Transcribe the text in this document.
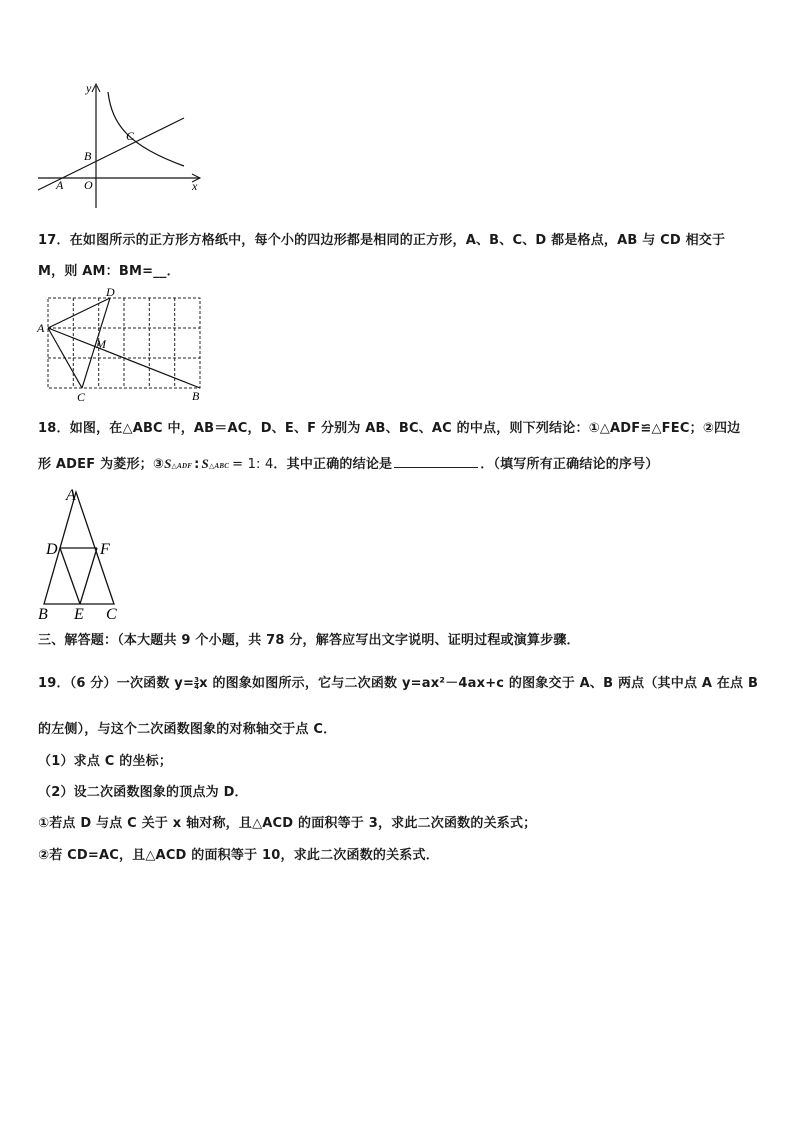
y
x
A O
B
C
17．在如图所示的正方形方格纸中，每个小的四边形都是相同的正方形，A、B、C、D 都是格点，AB 与 CD 相交于
M，则 AM：BM=__．
A
D
M
C	B
18．如图，在△ABC 中，AB＝AC，D、E、F 分别为 AB、BC、AC 的中点，则下列结论：①△ADF≌△FEC；②四边
形 ADEF 为菱形；③S△ADF : S△ABC = 1: 4．其中正确的结论是	．（填写所有正确结论的序号）
A
D	F
B E C
三、解答题：（本大题共 9 个小题，共 78 分，解答应写出文字说明、证明过程或演算步骤．
19．（6 分）一次函数 $y= \frac{3}{4}$ x 的图象如图所示，它与二次函数 y=ax²－4ax+c 的图象交于 A、B 两点（其中点 A 在点 B
的左侧），与这个二次函数图象的对称轴交于点 C．
（1）求点 C 的坐标；
（2）设二次函数图象的顶点为 D．
①若点 D 与点 C 关于 x 轴对称，且△ACD 的面积等于 3，求此二次函数的关系式；
②若 CD=AC，且△ACD 的面积等于 10，求此二次函数的关系式．
